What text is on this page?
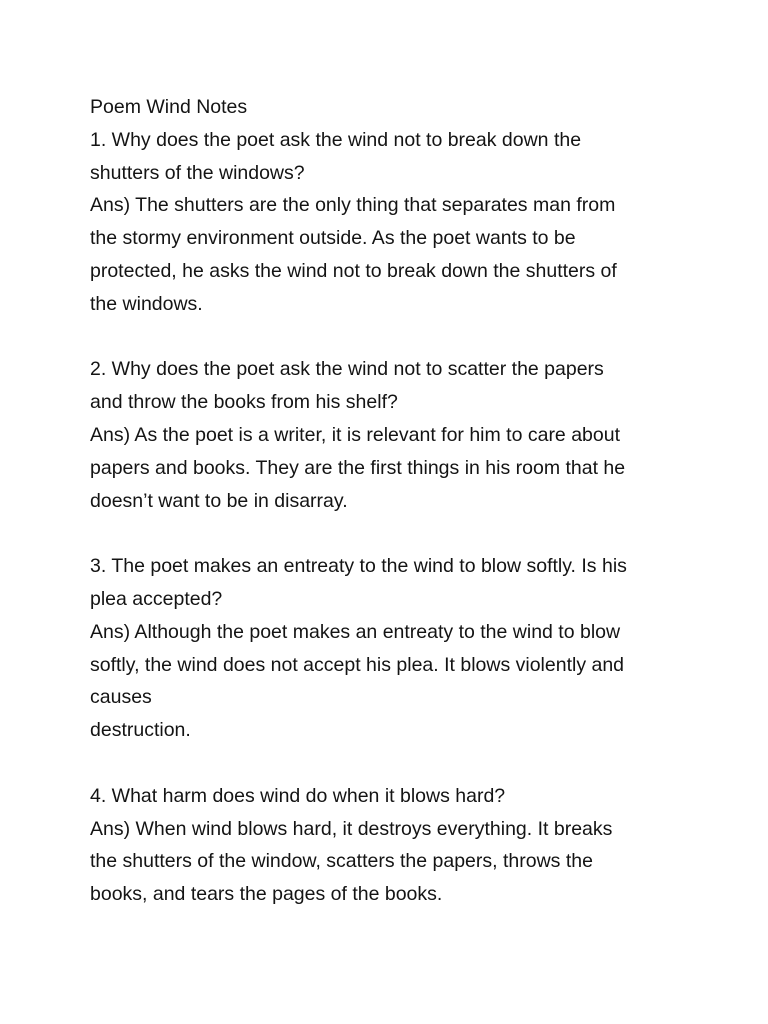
Poem Wind Notes
1. Why does the poet ask the wind not to break down the
shutters of the windows?
Ans) The shutters are the only thing that separates man from
the stormy environment outside. As the poet wants to be
protected, he asks the wind not to break down the shutters of
the windows.
2. Why does the poet ask the wind not to scatter the papers
and throw the books from his shelf?
Ans) As the poet is a writer, it is relevant for him to care about
papers and books. They are the first things in his room that he
doesn’t want to be in disarray.
3. The poet makes an entreaty to the wind to blow softly. Is his
plea accepted?
Ans) Although the poet makes an entreaty to the wind to blow
softly, the wind does not accept his plea. It blows violently and
causes
destruction.
4. What harm does wind do when it blows hard?
Ans) When wind blows hard, it destroys everything. It breaks
the shutters of the window, scatters the papers, throws the
books, and tears the pages of the books.
